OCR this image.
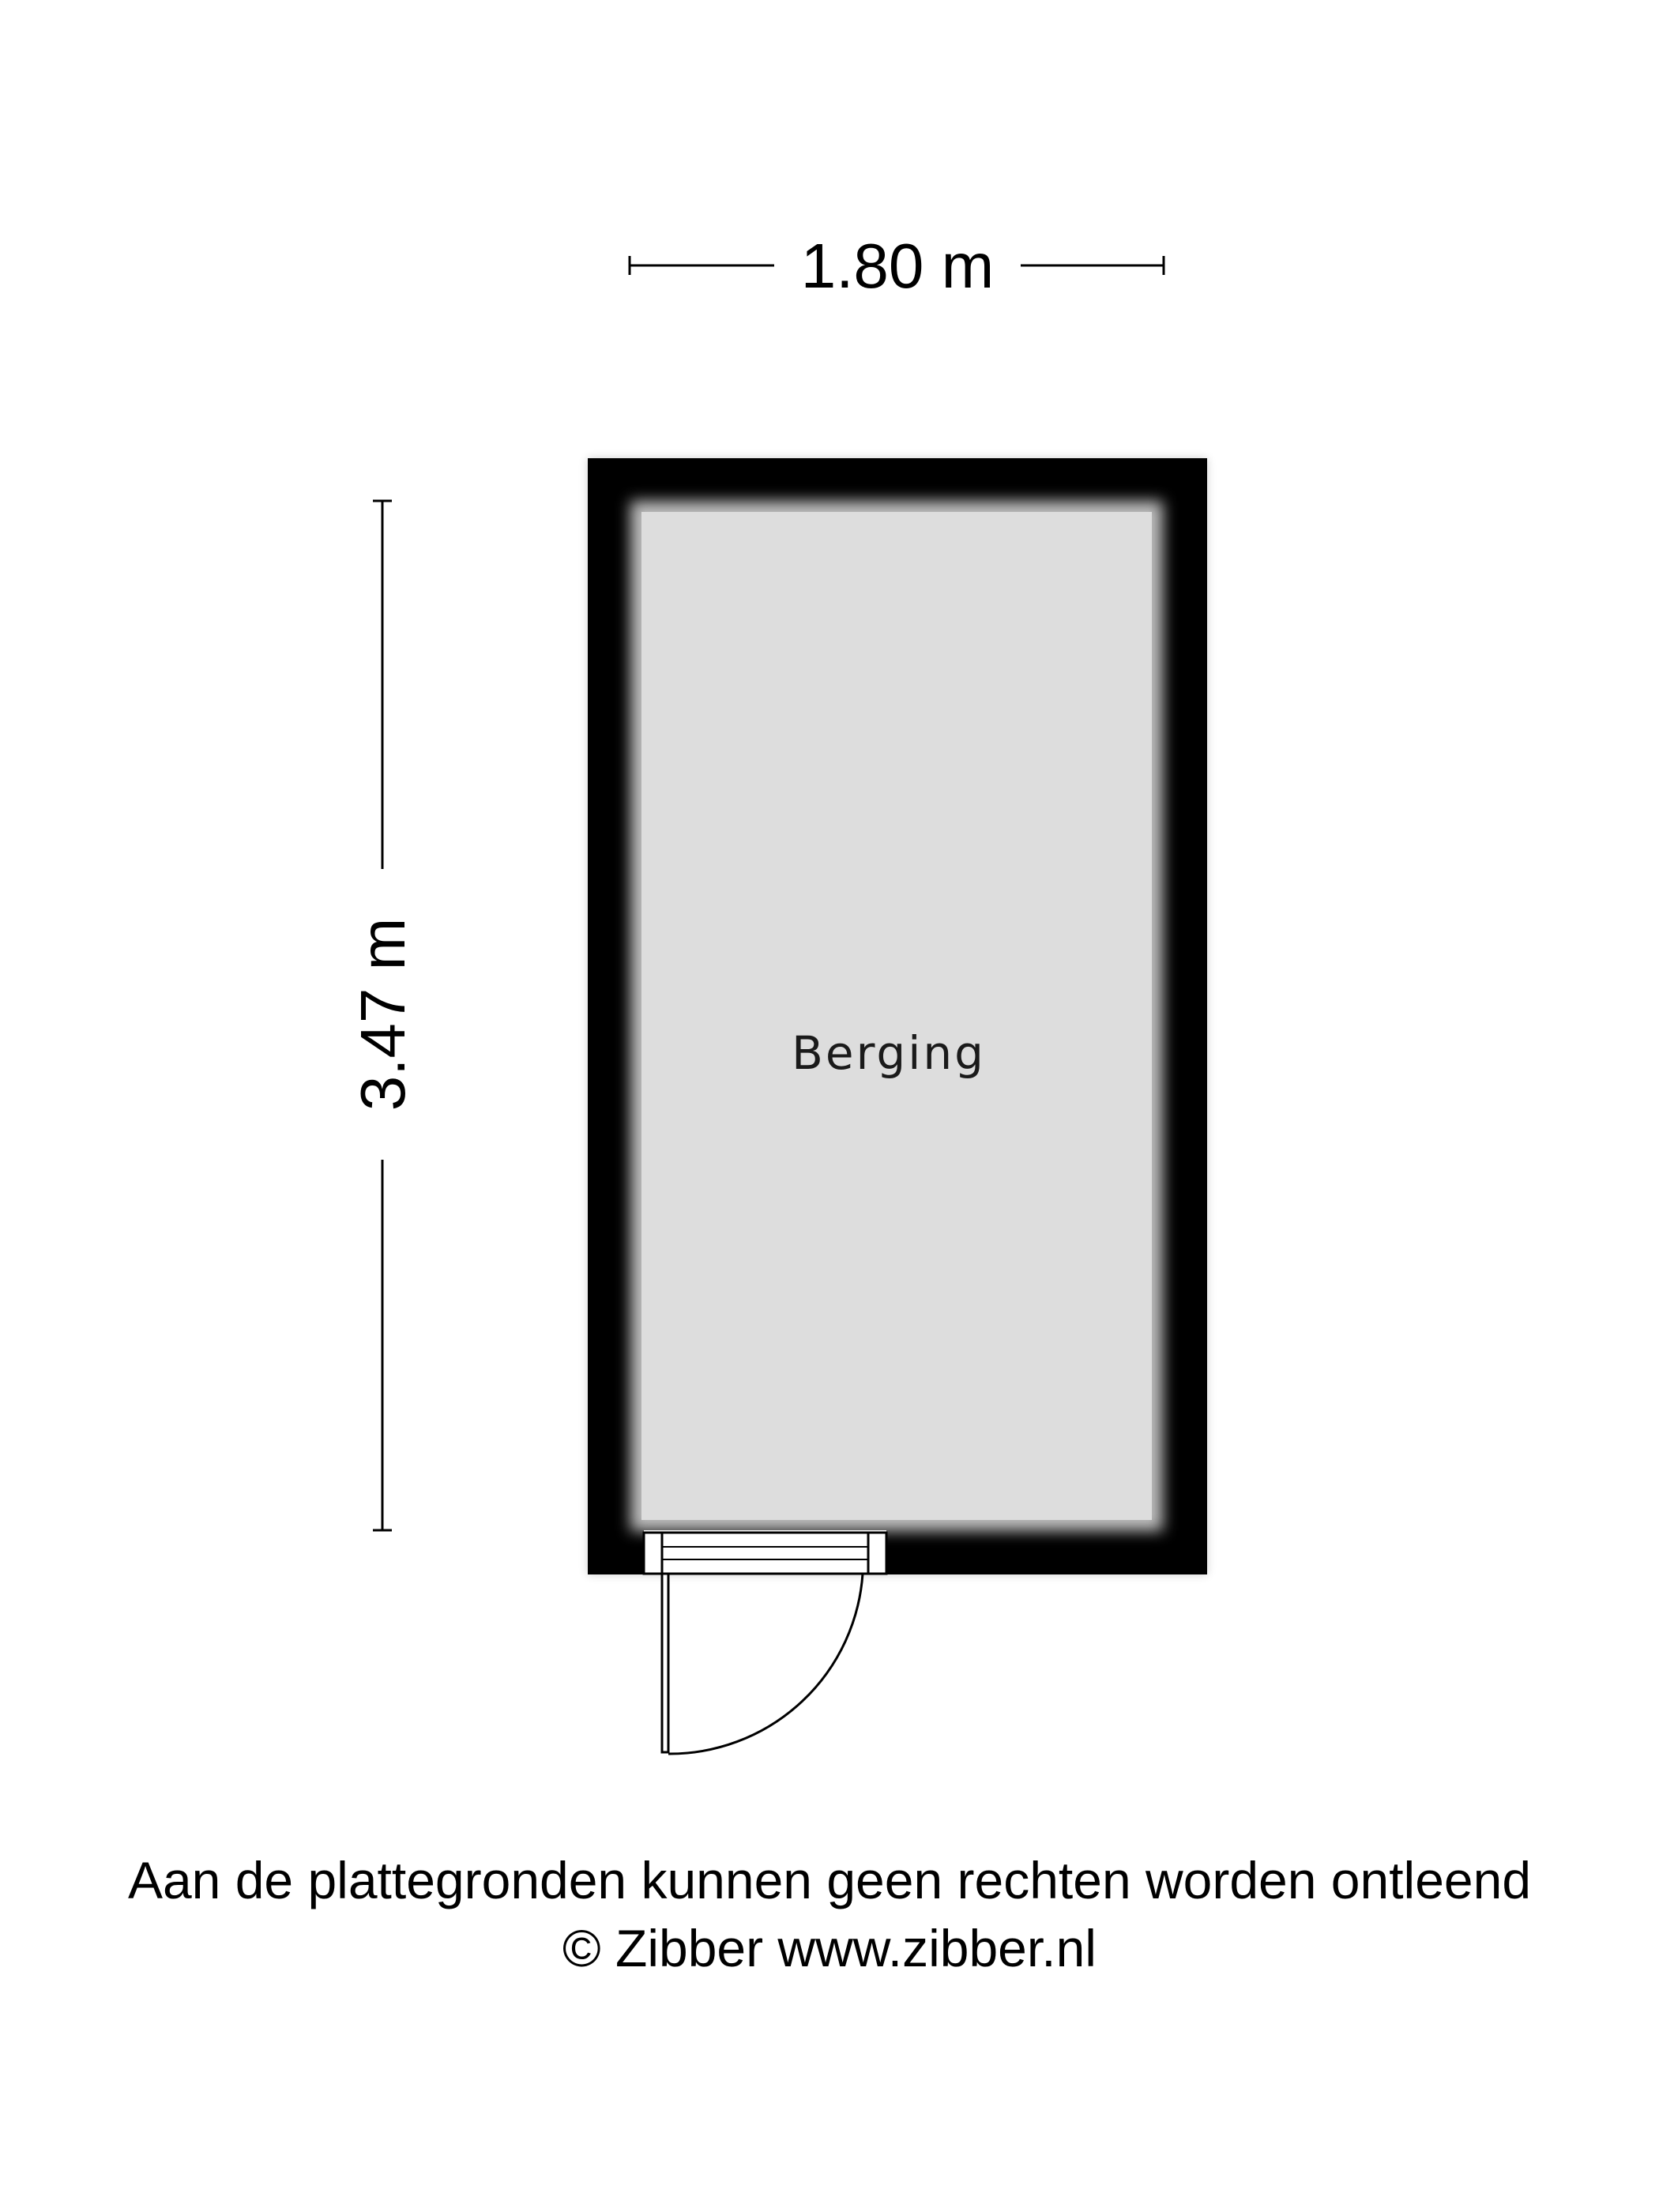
1.80 m
3.47 m	Berging
Aan de plattegronden kunnen geen rechten worden ontleend
© Zibber www.zibber.nl
